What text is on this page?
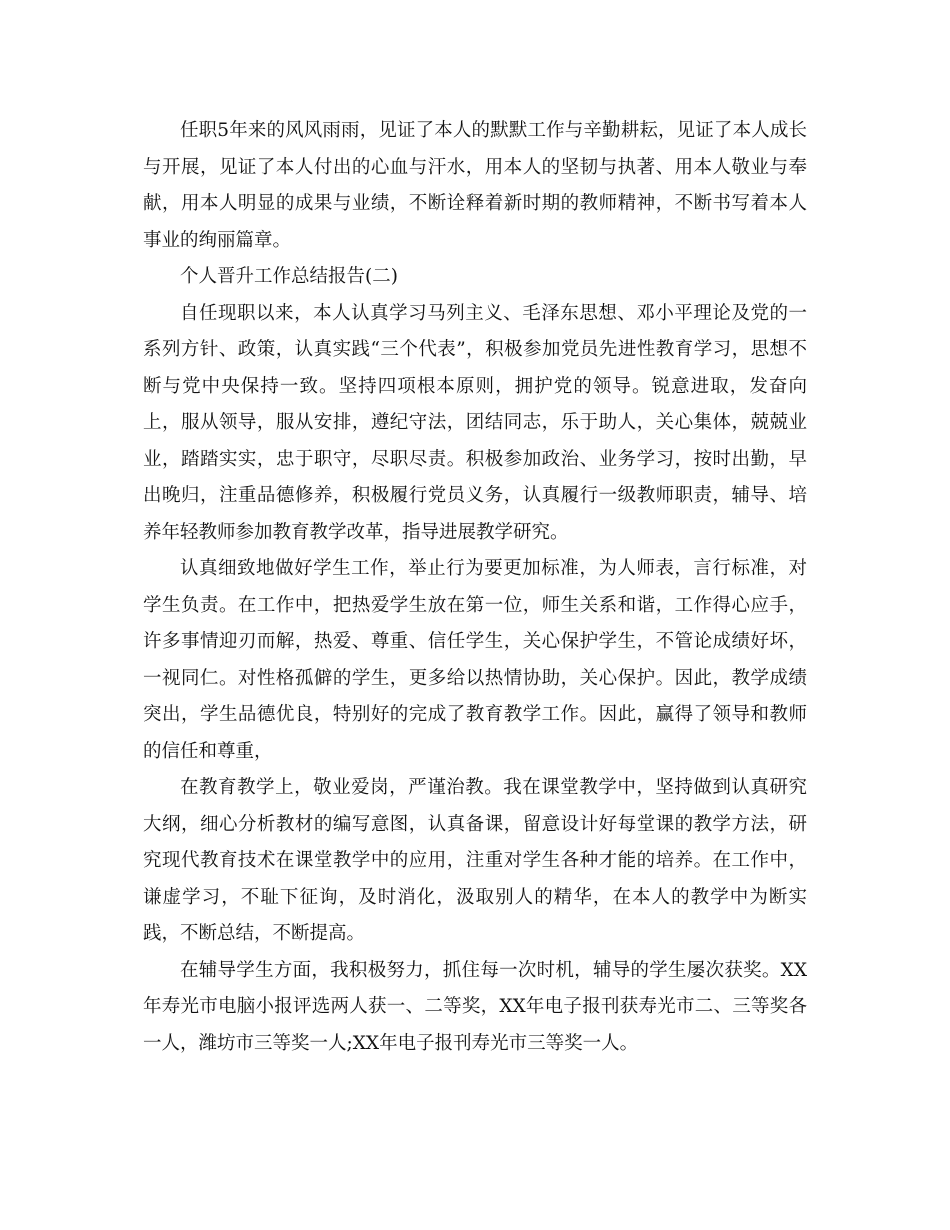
任职5年来的风风雨雨，见证了本人的默默工作与辛勤耕耘，见证了本人成长与开展，见证了本人付出的心血与汗水，用本人的坚韧与执著、用本人敬业与奉献，用本人明显的成果与业绩，不断诠释着新时期的教师精神，不断书写着本人事业的绚丽篇章。

个人晋升工作总结报告(二)

自任现职以来，本人认真学习马列主义、毛泽东思想、邓小平理论及党的一系列方针、政策，认真实践“三个代表”，积极参加党员先进性教育学习，思想不断与党中央保持一致。坚持四项根本原则，拥护党的领导。锐意进取，发奋向上，服从领导，服从安排，遵纪守法，团结同志，乐于助人，关心集体，兢兢业业，踏踏实实，忠于职守，尽职尽责。积极参加政治、业务学习，按时出勤，早出晚归，注重品德修养，积极履行党员义务，认真履行一级教师职责，辅导、培养年轻教师参加教育教学改革，指导进展教学研究。

认真细致地做好学生工作，举止行为要更加标准，为人师表，言行标准，对学生负责。在工作中，把热爱学生放在第一位，师生关系和谐，工作得心应手，许多事情迎刃而解，热爱、尊重、信任学生，关心保护学生，不管论成绩好坏，一视同仁。对性格孤僻的学生，更多给以热情协助，关心保护。因此，教学成绩突出，学生品德优良，特别好的完成了教育教学工作。因此，赢得了领导和教师的信任和尊重，

在教育教学上，敬业爱岗，严谨治教。我在课堂教学中，坚持做到认真研究大纲，细心分析教材的编写意图，认真备课，留意设计好每堂课的教学方法，研究现代教育技术在课堂教学中的应用，注重对学生各种才能的培养。在工作中，谦虚学习，不耻下征询，及时消化，汲取别人的精华，在本人的教学中为断实践，不断总结，不断提高。

在辅导学生方面，我积极努力，抓住每一次时机，辅导的学生屡次获奖。XX年寿光市电脑小报评选两人获一、二等奖，XX年电子报刊获寿光市二、三等奖各一人，潍坊市三等奖一人;XX年电子报刊寿光市三等奖一人。
